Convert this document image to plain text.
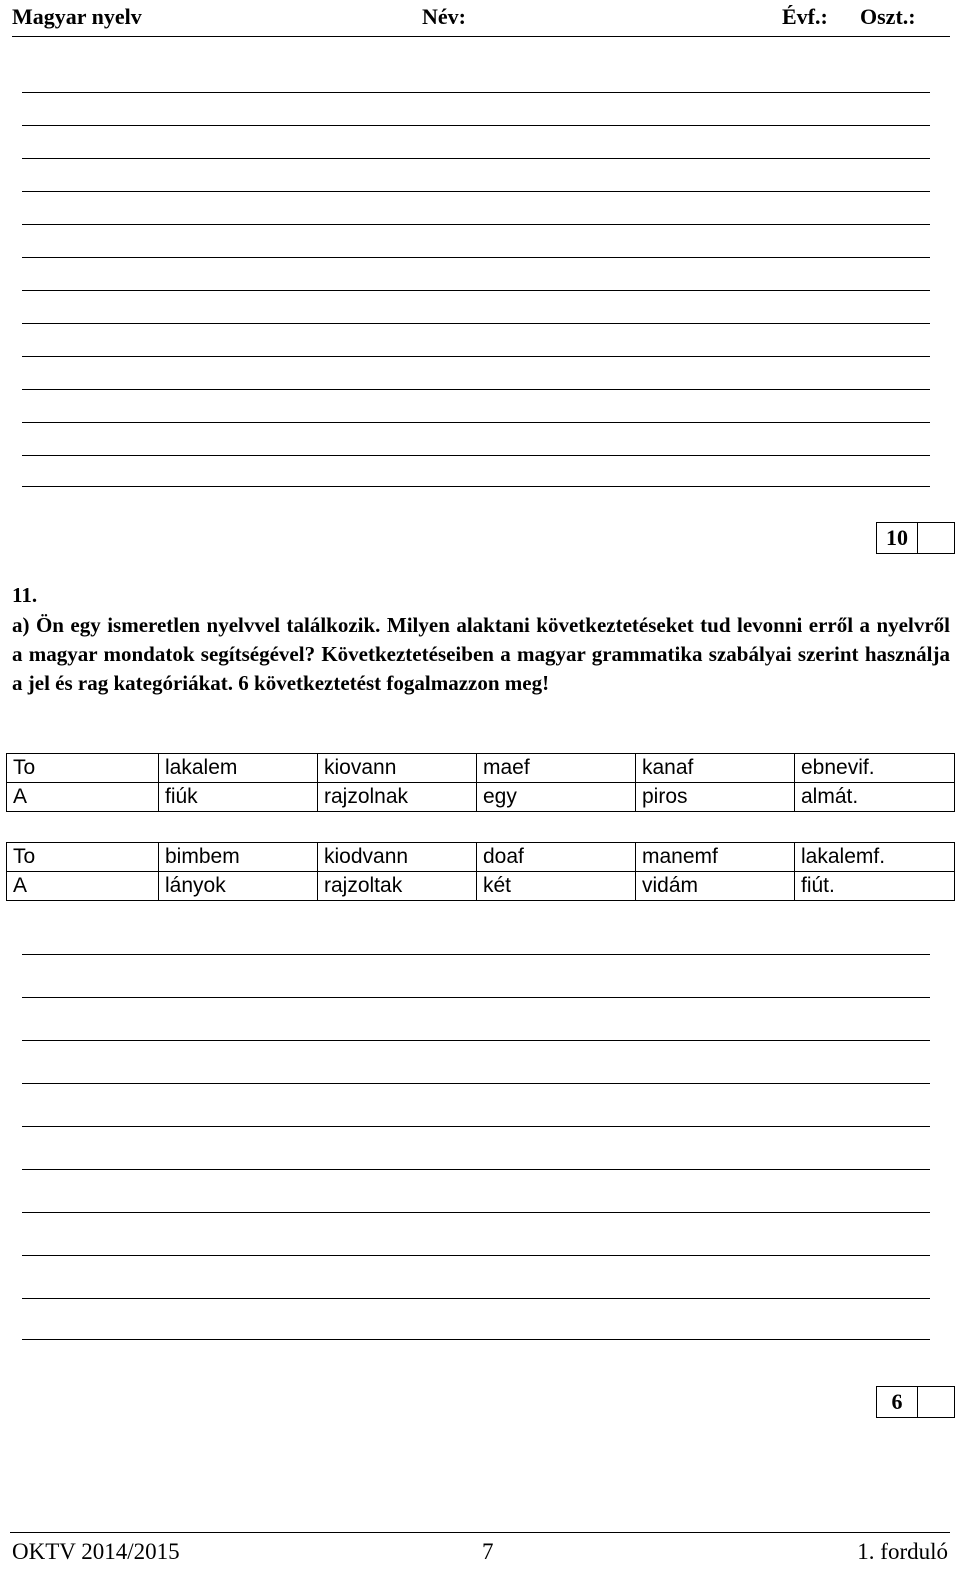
Magyar nyelv	Név:	Évf.: Oszt.:
10
11.
a) Ön egy ismeretlen nyelvvel találkozik. Milyen alaktani következtetéseket tud levonni erről a nyelvről a magyar mondatok segítségével? Következtetéseiben a magyar grammatika szabályai szerint használja a jel és rag kategóriákat. 6 következtetést fogalmazzon meg!
To	lakalem	kiovann	maef	kanaf	ebnevif.
A	fiúk	rajzolnak	egy	piros	almát.
To	bimbem	kiodvann	doaf	manemf	lakalemf.
A	lányok	rajzoltak	két	vidám	fiút.
6
OKTV 2014/2015	7	1. forduló
